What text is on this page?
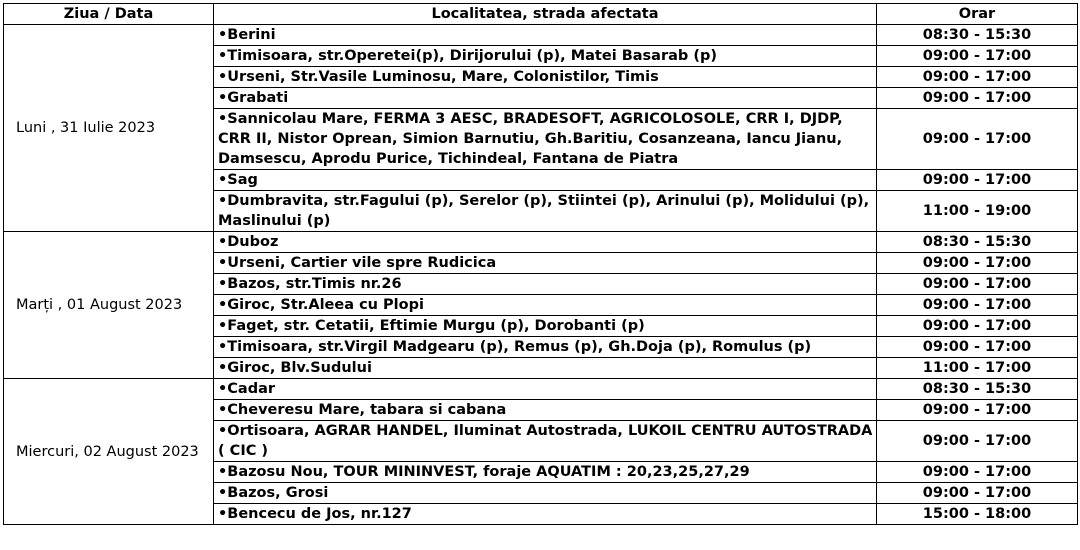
Ziua / Data	Localitatea, strada afectata	Orar
Luni , 31 Iulie 2023	•Berini	08:30 - 15:30
	•Timisoara, str.Operetei(p), Dirijorului (p), Matei Basarab (p)	09:00 - 17:00
	•Urseni, Str.Vasile Luminosu, Mare, Colonistilor, Timis	09:00 - 17:00
	•Grabati	09:00 - 17:00
	•Sannicolau Mare, FERMA 3 AESC, BRADESOFT, AGRICOLOSOLE, CRR I, DJDP, CRR II, Nistor Oprean, Simion Barnutiu, Gh.Baritiu, Cosanzeana, Iancu Jianu, Damsescu, Aprodu Purice, Tichindeal, Fantana de Piatra	09:00 - 17:00
	•Sag	09:00 - 17:00
	•Dumbravita, str.Fagului (p), Serelor (p), Stiintei (p), Arinului (p), Molidului (p), Maslinului (p)	11:00 - 19:00
Marți , 01 August 2023	•Duboz	08:30 - 15:30
	•Urseni, Cartier vile spre Rudicica	09:00 - 17:00
	•Bazos, str.Timis nr.26	09:00 - 17:00
	•Giroc, Str.Aleea cu Plopi	09:00 - 17:00
	•Faget, str. Cetatii, Eftimie Murgu (p), Dorobanti (p)	09:00 - 17:00
	•Timisoara, str.Virgil Madgearu (p), Remus (p), Gh.Doja (p), Romulus (p)	09:00 - 17:00
	•Giroc, Blv.Sudului	11:00 - 17:00
Miercuri, 02 August 2023	•Cadar	08:30 - 15:30
	•Cheveresu Mare, tabara si cabana	09:00 - 17:00
	•Ortisoara, AGRAR HANDEL, Iluminat Autostrada, LUKOIL CENTRU AUTOSTRADA ( CIC )	09:00 - 17:00
	•Bazosu Nou, TOUR MININVEST, foraje AQUATIM : 20,23,25,27,29	09:00 - 17:00
	•Bazos, Grosi	09:00 - 17:00
	•Bencecu de Jos, nr.127	15:00 - 18:00
